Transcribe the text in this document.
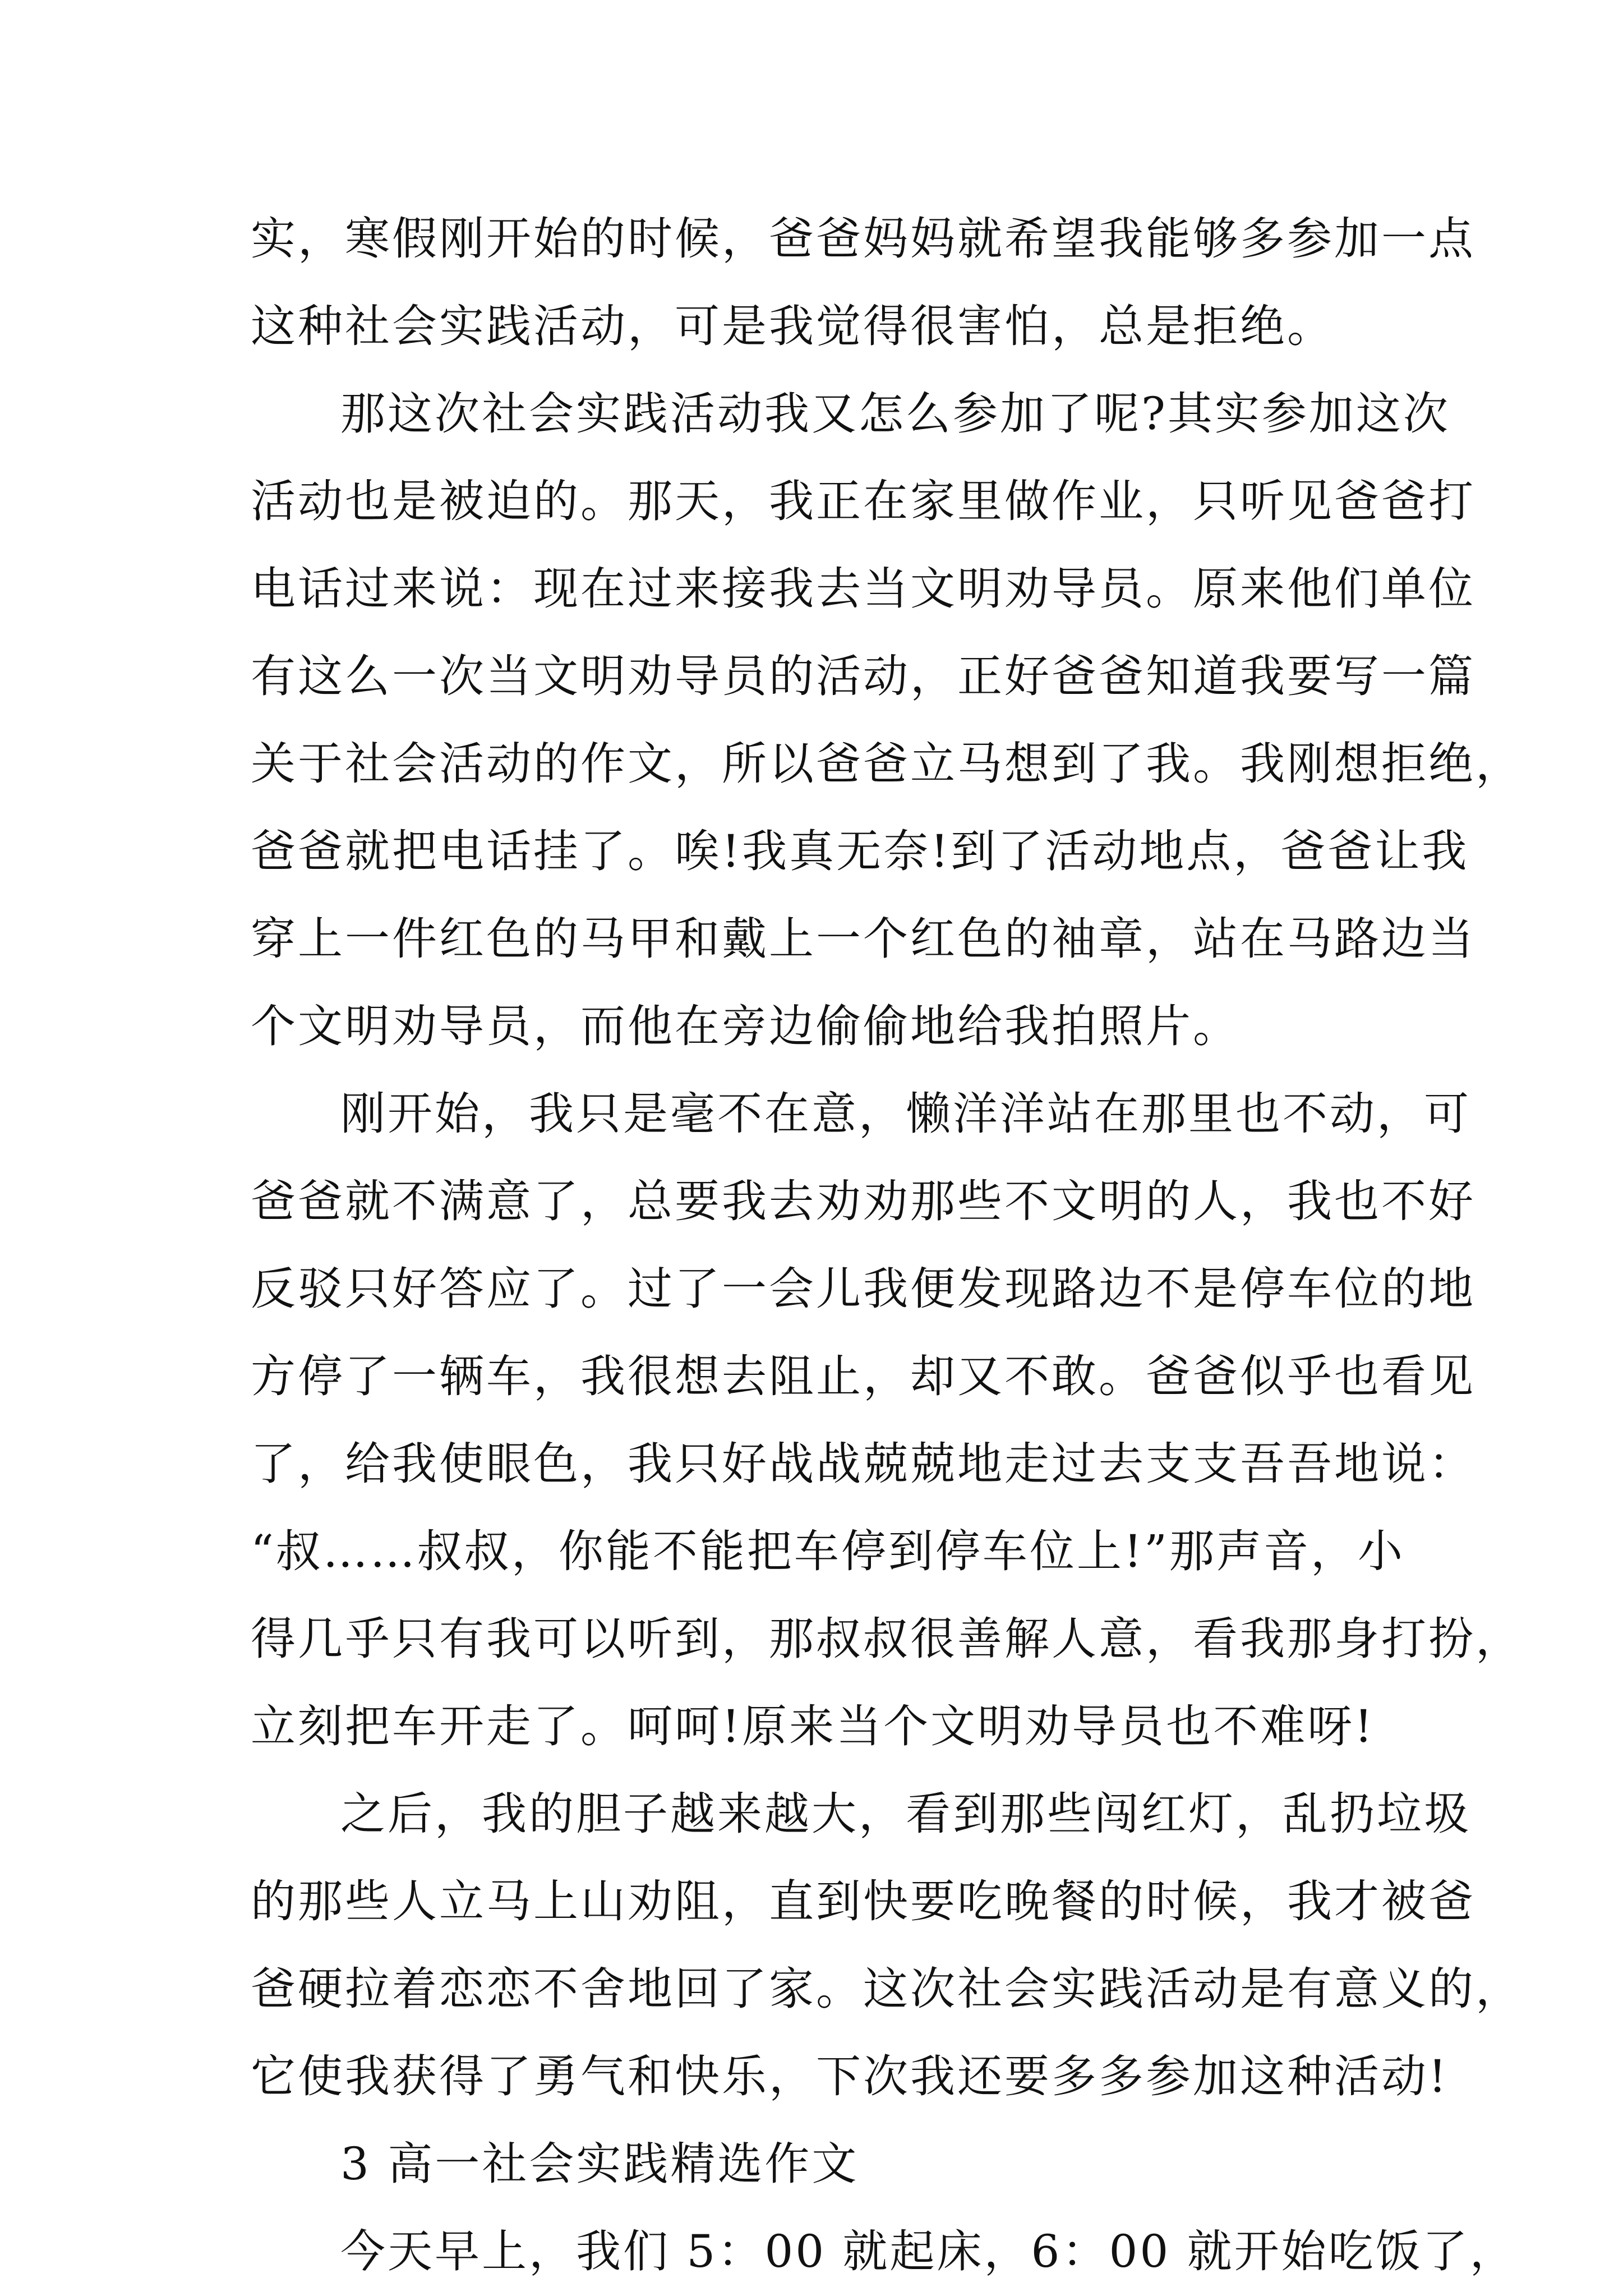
实，寒假刚开始的时候，爸爸妈妈就希望我能够多参加一点
这种社会实践活动，可是我觉得很害怕，总是拒绝。
那这次社会实践活动我又怎么参加了呢?其实参加这次
活动也是被迫的。那天，我正在家里做作业，只听见爸爸打
电话过来说：现在过来接我去当文明劝导员。原来他们单位
有这么一次当文明劝导员的活动，正好爸爸知道我要写一篇
关于社会活动的作文，所以爸爸立马想到了我。我刚想拒绝，
爸爸就把电话挂了。唉!我真无奈!到了活动地点，爸爸让我
穿上一件红色的马甲和戴上一个红色的袖章，站在马路边当
个文明劝导员，而他在旁边偷偷地给我拍照片。
刚开始，我只是毫不在意，懒洋洋站在那里也不动，可
爸爸就不满意了，总要我去劝劝那些不文明的人，我也不好
反驳只好答应了。过了一会儿我便发现路边不是停车位的地
方停了一辆车，我很想去阻止，却又不敢。爸爸似乎也看见
了，给我使眼色，我只好战战兢兢地走过去支支吾吾地说：
“叔……叔叔，你能不能把车停到停车位上!”那声音，小
得几乎只有我可以听到，那叔叔很善解人意，看我那身打扮，
立刻把车开走了。呵呵!原来当个文明劝导员也不难呀!
之后，我的胆子越来越大，看到那些闯红灯，乱扔垃圾
的那些人立马上山劝阻，直到快要吃晚餐的时候，我才被爸
爸硬拉着恋恋不舍地回了家。这次社会实践活动是有意义的，
它使我获得了勇气和快乐，下次我还要多多参加这种活动!
3 高一社会实践精选作文
今天早上，我们 5：00 就起床，6：00 就开始吃饭了，
